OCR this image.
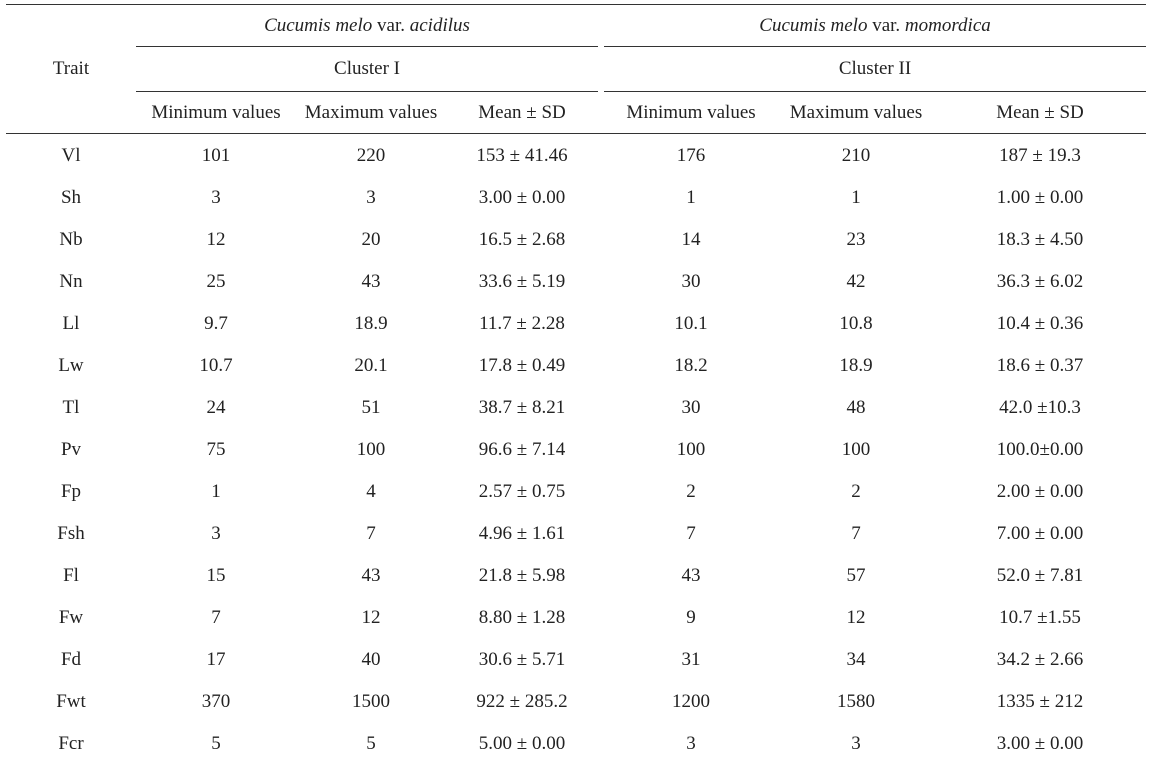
Trait	Cucumis melo var. acidilus				Cucumis melo var. momordica		
	Cluster I				Cluster II		
	Minimum values	Maximum values	Mean ± SD		Minimum values	Maximum values	Mean ± SD
Vl	101	220	153 ± 41.46		176	210	187 ± 19.3
Sh	3	3	3.00 ± 0.00		1	1	1.00 ± 0.00
Nb	12	20	16.5 ± 2.68		14	23	18.3 ± 4.50
Nn	25	43	33.6 ± 5.19		30	42	36.3 ± 6.02
Ll	9.7	18.9	11.7 ± 2.28		10.1	10.8	10.4 ± 0.36
Lw	10.7	20.1	17.8 ± 0.49		18.2	18.9	18.6 ± 0.37
Tl	24	51	38.7 ± 8.21		30	48	42.0 ±10.3
Pv	75	100	96.6 ± 7.14		100	100	100.0±0.00
Fp	1	4	2.57 ± 0.75		2	2	2.00 ± 0.00
Fsh	3	7	4.96 ± 1.61		7	7	7.00 ± 0.00
Fl	15	43	21.8 ± 5.98		43	57	52.0 ± 7.81
Fw	7	12	8.80 ± 1.28		9	12	10.7 ±1.55
Fd	17	40	30.6 ± 5.71		31	34	34.2 ± 2.66
Fwt	370	1500	922 ± 285.2		1200	1580	1335 ± 212
Fcr	5	5	5.00 ± 0.00		3	3	3.00 ± 0.00
